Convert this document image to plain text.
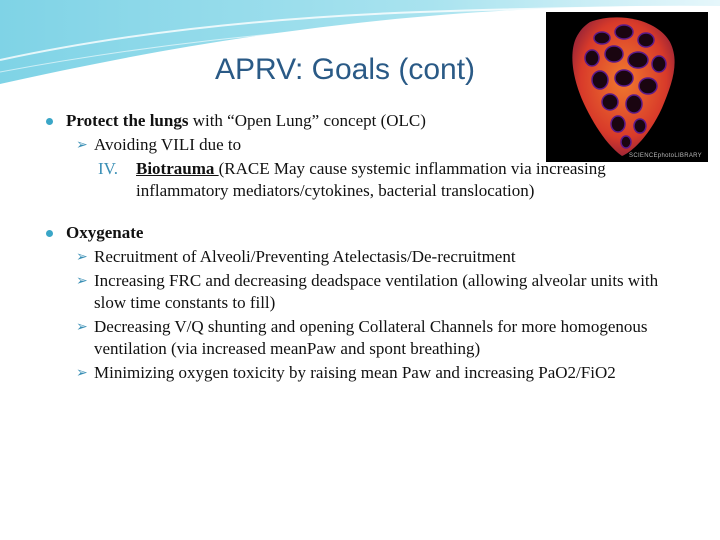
APRV: Goals (cont)
SCIENCEphotoLIBRARY
Protect the lungs with “Open Lung” concept (OLC)
➢ Avoiding VILI due to
IV. Biotrauma (RACE May cause systemic inflammation via increasing inflammatory mediators/cytokines, bacterial translocation)
Oxygenate
➢ Recruitment of Alveoli/Preventing Atelectasis/De-recruitment
➢ Increasing FRC and decreasing deadspace ventilation (allowing alveolar units with slow time constants to fill)
➢ Decreasing V/Q shunting and opening Collateral Channels for more homogenous ventilation (via increased meanPaw and spont breathing)
➢ Minimizing oxygen toxicity by raising mean Paw and increasing PaO2/FiO2
